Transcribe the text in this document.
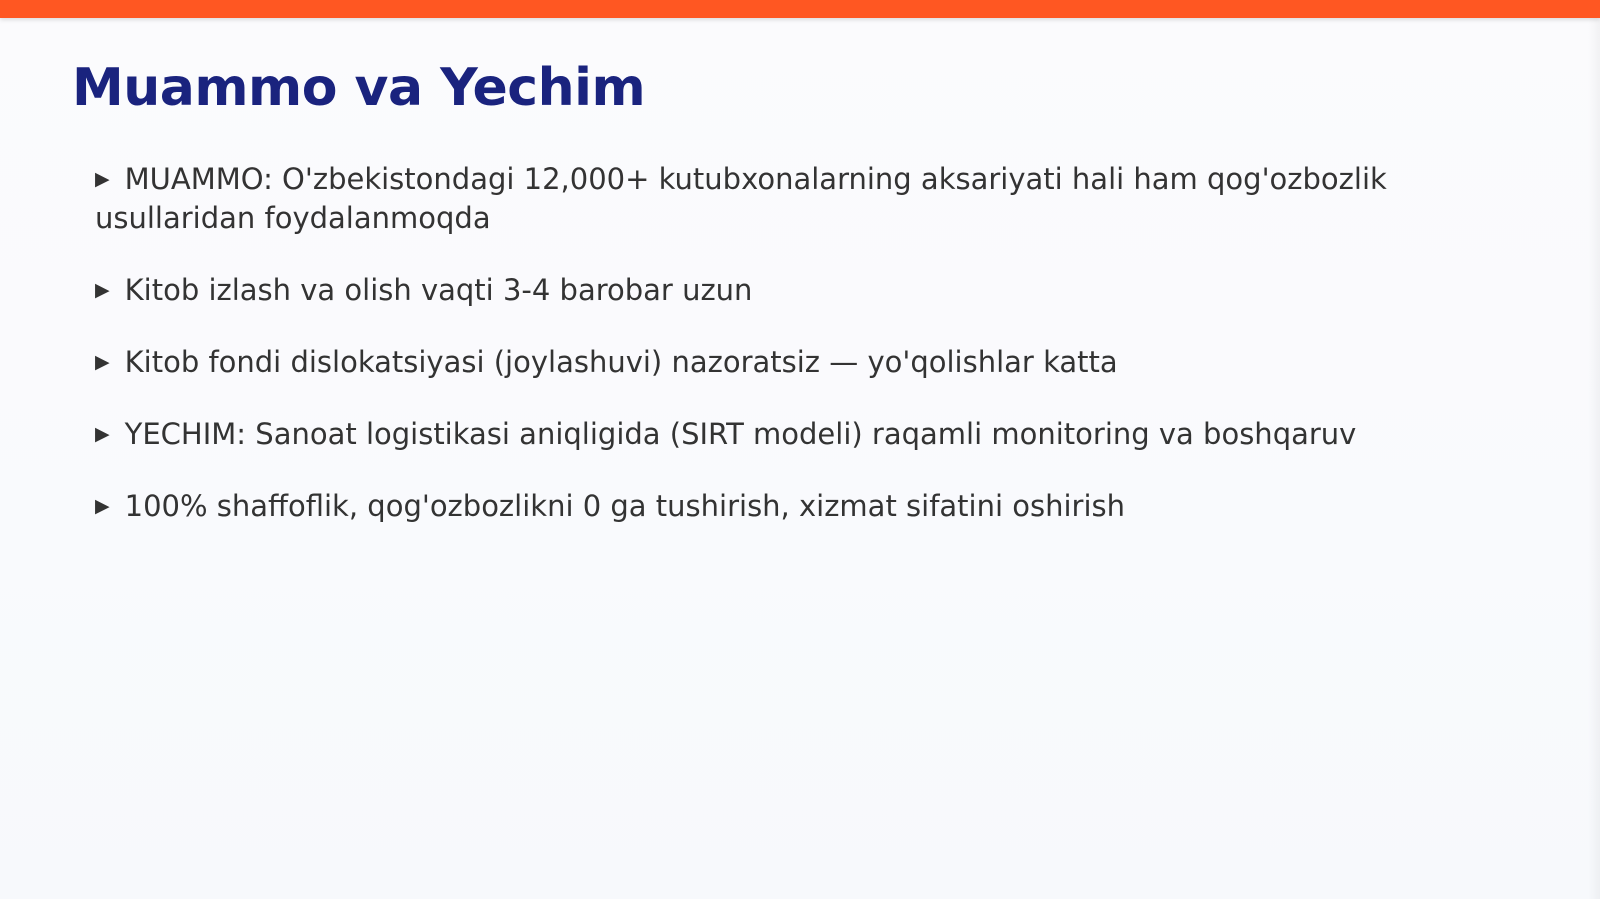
Muammo va Yechim
▶ MUAMMO: O'zbekistondagi 12,000+ kutubxonalarning aksariyati hali ham qog'ozbozlik usullaridan foydalanmoqda
▶ Kitob izlash va olish vaqti 3-4 barobar uzun
▶ Kitob fondi dislokatsiyasi (joylashuvi) nazoratsiz — yo'qolishlar katta
▶ YECHIM: Sanoat logistikasi aniqligida (SIRT modeli) raqamli monitoring va boshqaruv
▶ 100% shaffoflik, qog'ozbozlikni 0 ga tushirish, xizmat sifatini oshirish
